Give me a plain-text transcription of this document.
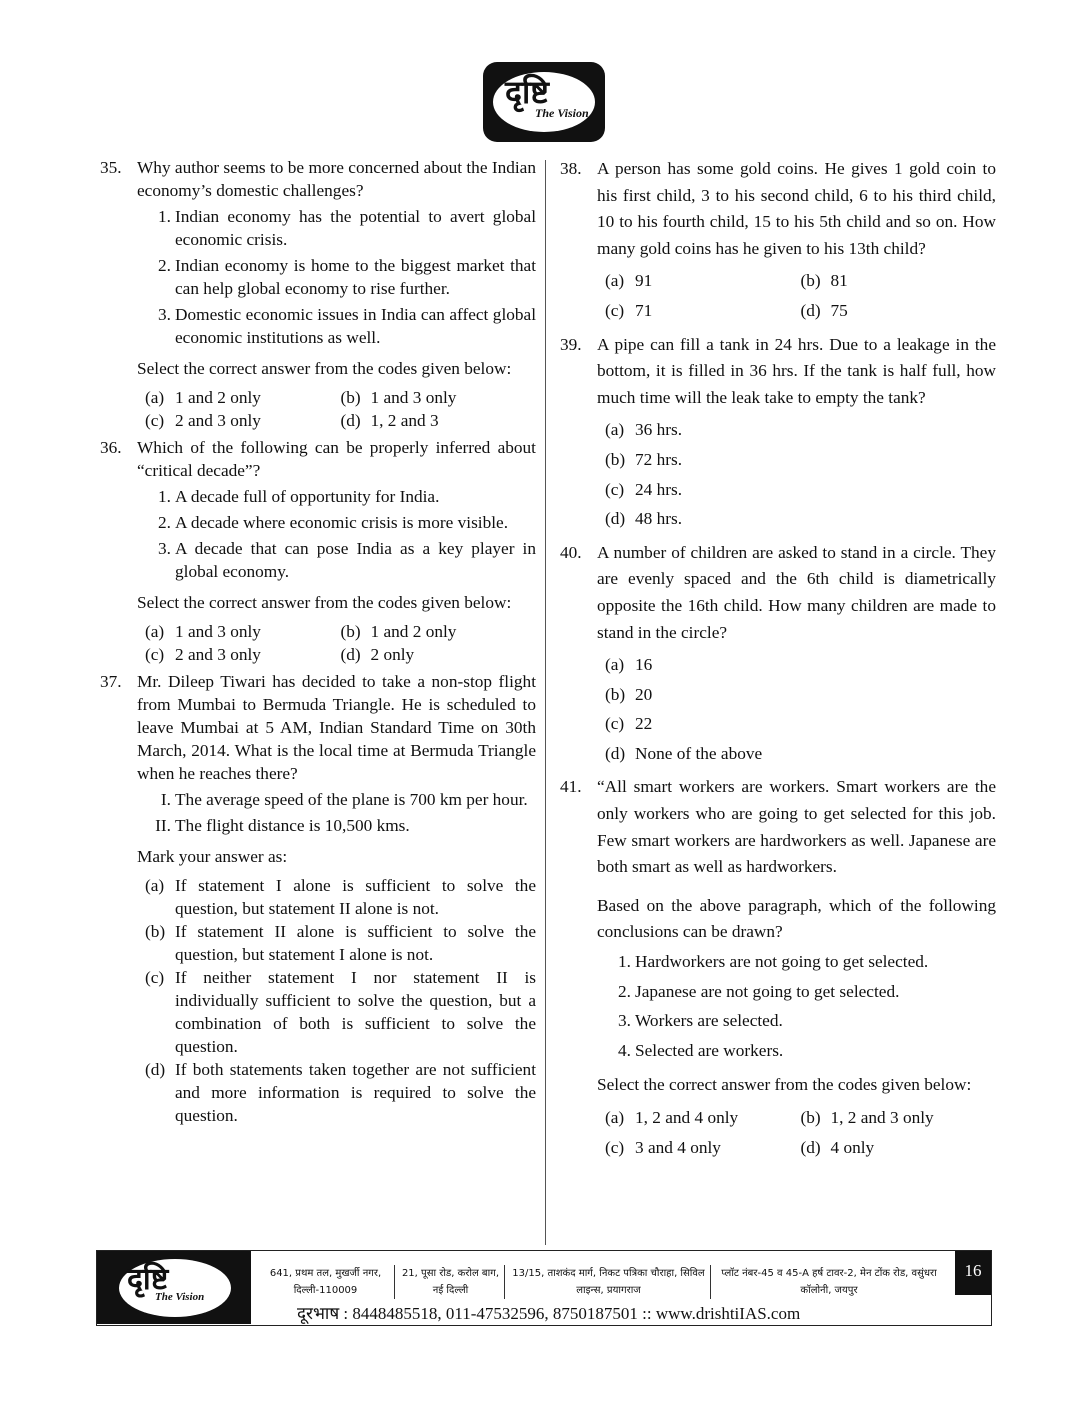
दृष्टि
The Vision
35. Why author seems to be more concerned about the Indian economy’s domestic challenges?
1. Indian economy has the potential to avert global economic crisis.
2. Indian economy is home to the biggest market that can help global economy to rise further.
3. Domestic economic issues in India can affect global economic institutions as well.
Select the correct answer from the codes given below:
(a) 1 and 2 only	(b) 1 and 3 only
(c) 2 and 3 only	(d) 1, 2 and 3
36. Which of the following can be properly inferred about “critical decade”?
1. A decade full of opportunity for India.
2. A decade where economic crisis is more visible.
3. A decade that can pose India as a key player in global economy.
Select the correct answer from the codes given below:
(a) 1 and 3 only	(b) 1 and 2 only
(c) 2 and 3 only	(d) 2 only
37. Mr. Dileep Tiwari has decided to take a non-stop flight from Mumbai to Bermuda Triangle. He is scheduled to leave Mumbai at 5 AM, Indian Standard Time on 30th March, 2014. What is the local time at Bermuda Triangle when he reaches there?
I. The average speed of the plane is 700 km per hour.
II. The flight distance is 10,500 kms.
Mark your answer as:
(a) If statement I alone is sufficient to solve the question, but statement II alone is not.
(b) If statement II alone is sufficient to solve the question, but statement I alone is not.
(c) If neither statement I nor statement II is individually sufficient to solve the question, but a combination of both is sufficient to solve the question.
(d) If both statements taken together are not sufficient and more information is required to solve the question.
38. A person has some gold coins. He gives 1 gold coin to his first child, 3 to his second child, 6 to his third child, 10 to his fourth child, 15 to his 5th child and so on. How many gold coins has he given to his 13th child?
(a) 91	(b) 81
(c) 71	(d) 75
39. A pipe can fill a tank in 24 hrs. Due to a leakage in the bottom, it is filled in 36 hrs. If the tank is half full, how much time will the leak take to empty the tank?
(a) 36 hrs.
(b) 72 hrs.
(c) 24 hrs.
(d) 48 hrs.
40. A number of children are asked to stand in a circle. They are evenly spaced and the 6th child is diametrically opposite the 16th child. How many children are made to stand in the circle?
(a) 16
(b) 20
(c) 22
(d) None of the above
41. “All smart workers are workers. Smart workers are the only workers who are going to get selected for this job. Few smart workers are hardworkers as well. Japanese are both smart as well as hardworkers.
Based on the above paragraph, which of the following conclusions can be drawn?
1. Hardworkers are not going to get selected.
2. Japanese are not going to get selected.
3. Workers are selected.
4. Selected are workers.
Select the correct answer from the codes given below:
(a) 1, 2 and 4 only	(b) 1, 2 and 3 only
(c) 3 and 4 only	(d) 4 only
दृष्टि
The Vision
641, प्रथम तल, मुखर्जी नगर, दिल्ली-110009
21, पूसा रोड, करोल बाग, नई दिल्ली
13/15, ताशकंद मार्ग, निकट पत्रिका चौराहा, सिविल लाइन्स, प्रयागराज
प्लॉट नंबर-45 व 45-A हर्ष टावर-2, मेन टोंक रोड, वसुंधरा कॉलोनी, जयपुर
दूरभाष : 8448485518, 011-47532596, 8750187501 :: www.drishtiIAS.com
16
